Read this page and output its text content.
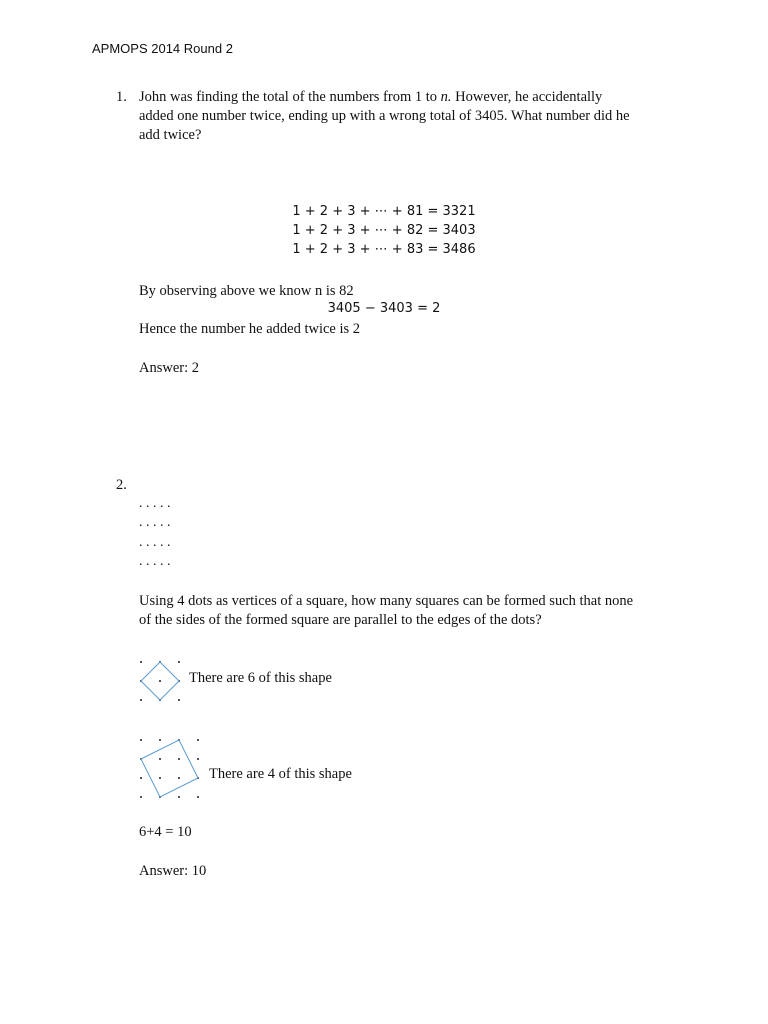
APMOPS 2014 Round 2
1. John was finding the total of the numbers from 1 to n. However, he accidentally
added one number twice, ending up with a wrong total of 3405. What number did he
add twice?
1 + 2 + 3 + ⋯ + 81 = 3321
1 + 2 + 3 + ⋯ + 82 = 3403
1 + 2 + 3 + ⋯ + 83 = 3486
By observing above we know n is 82
3405 − 3403 = 2
Hence the number he added twice is 2
Answer: 2
2.
. . . . .
. . . . .
. . . . .
. . . . .
Using 4 dots as vertices of a square, how many squares can be formed such that none
of the sides of the formed square are parallel to the edges of the dots?
There are 6 of this shape
There are 4 of this shape
6+4 = 10
Answer: 10
